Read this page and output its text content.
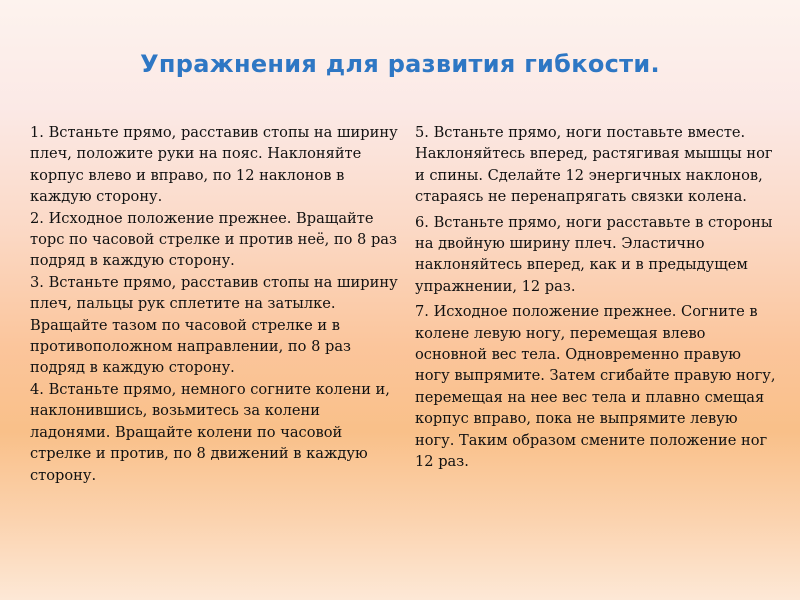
Упражнения для развития гибкости.

1. Встаньте прямо, расставив стопы на ширину плеч, положите руки на пояс. Наклоняйте корпус влево и вправо, по 12 наклонов в каждую сторону.

2. Исходное положение прежнее. Вращайте торс по часовой стрелке и против неё, по 8 раз подряд в каждую сторону.

3. Встаньте прямо, расставив стопы на ширину плеч, пальцы рук сплетите на затылке. Вращайте тазом по часовой стрелке и в противоположном направлении, по 8 раз подряд в каждую сторону.

4. Встаньте прямо, немного согните колени и, наклонившись, возьмитесь за колени ладонями. Вращайте колени по часовой стрелке и против, по 8 движений в каждую сторону.

5. Встаньте прямо, ноги поставьте вместе. Наклоняйтесь вперед, растягивая мышцы ног и спины. Сделайте 12 энергичных наклонов, стараясь не перенапрягать связки колена.

6. Встаньте прямо, ноги расставьте в стороны на двойную ширину плеч. Эластично наклоняйтесь вперед, как и в предыдущем упражнении, 12 раз.

7. Исходное положение прежнее. Согните в колене левую ногу, перемещая влево основной вес тела. Одновременно правую ногу выпрямите. Затем сгибайте правую ногу, перемещая на нее вес тела и плавно смещая корпус вправо, пока не выпрямите левую ногу. Таким образом смените положение ног 12 раз.
